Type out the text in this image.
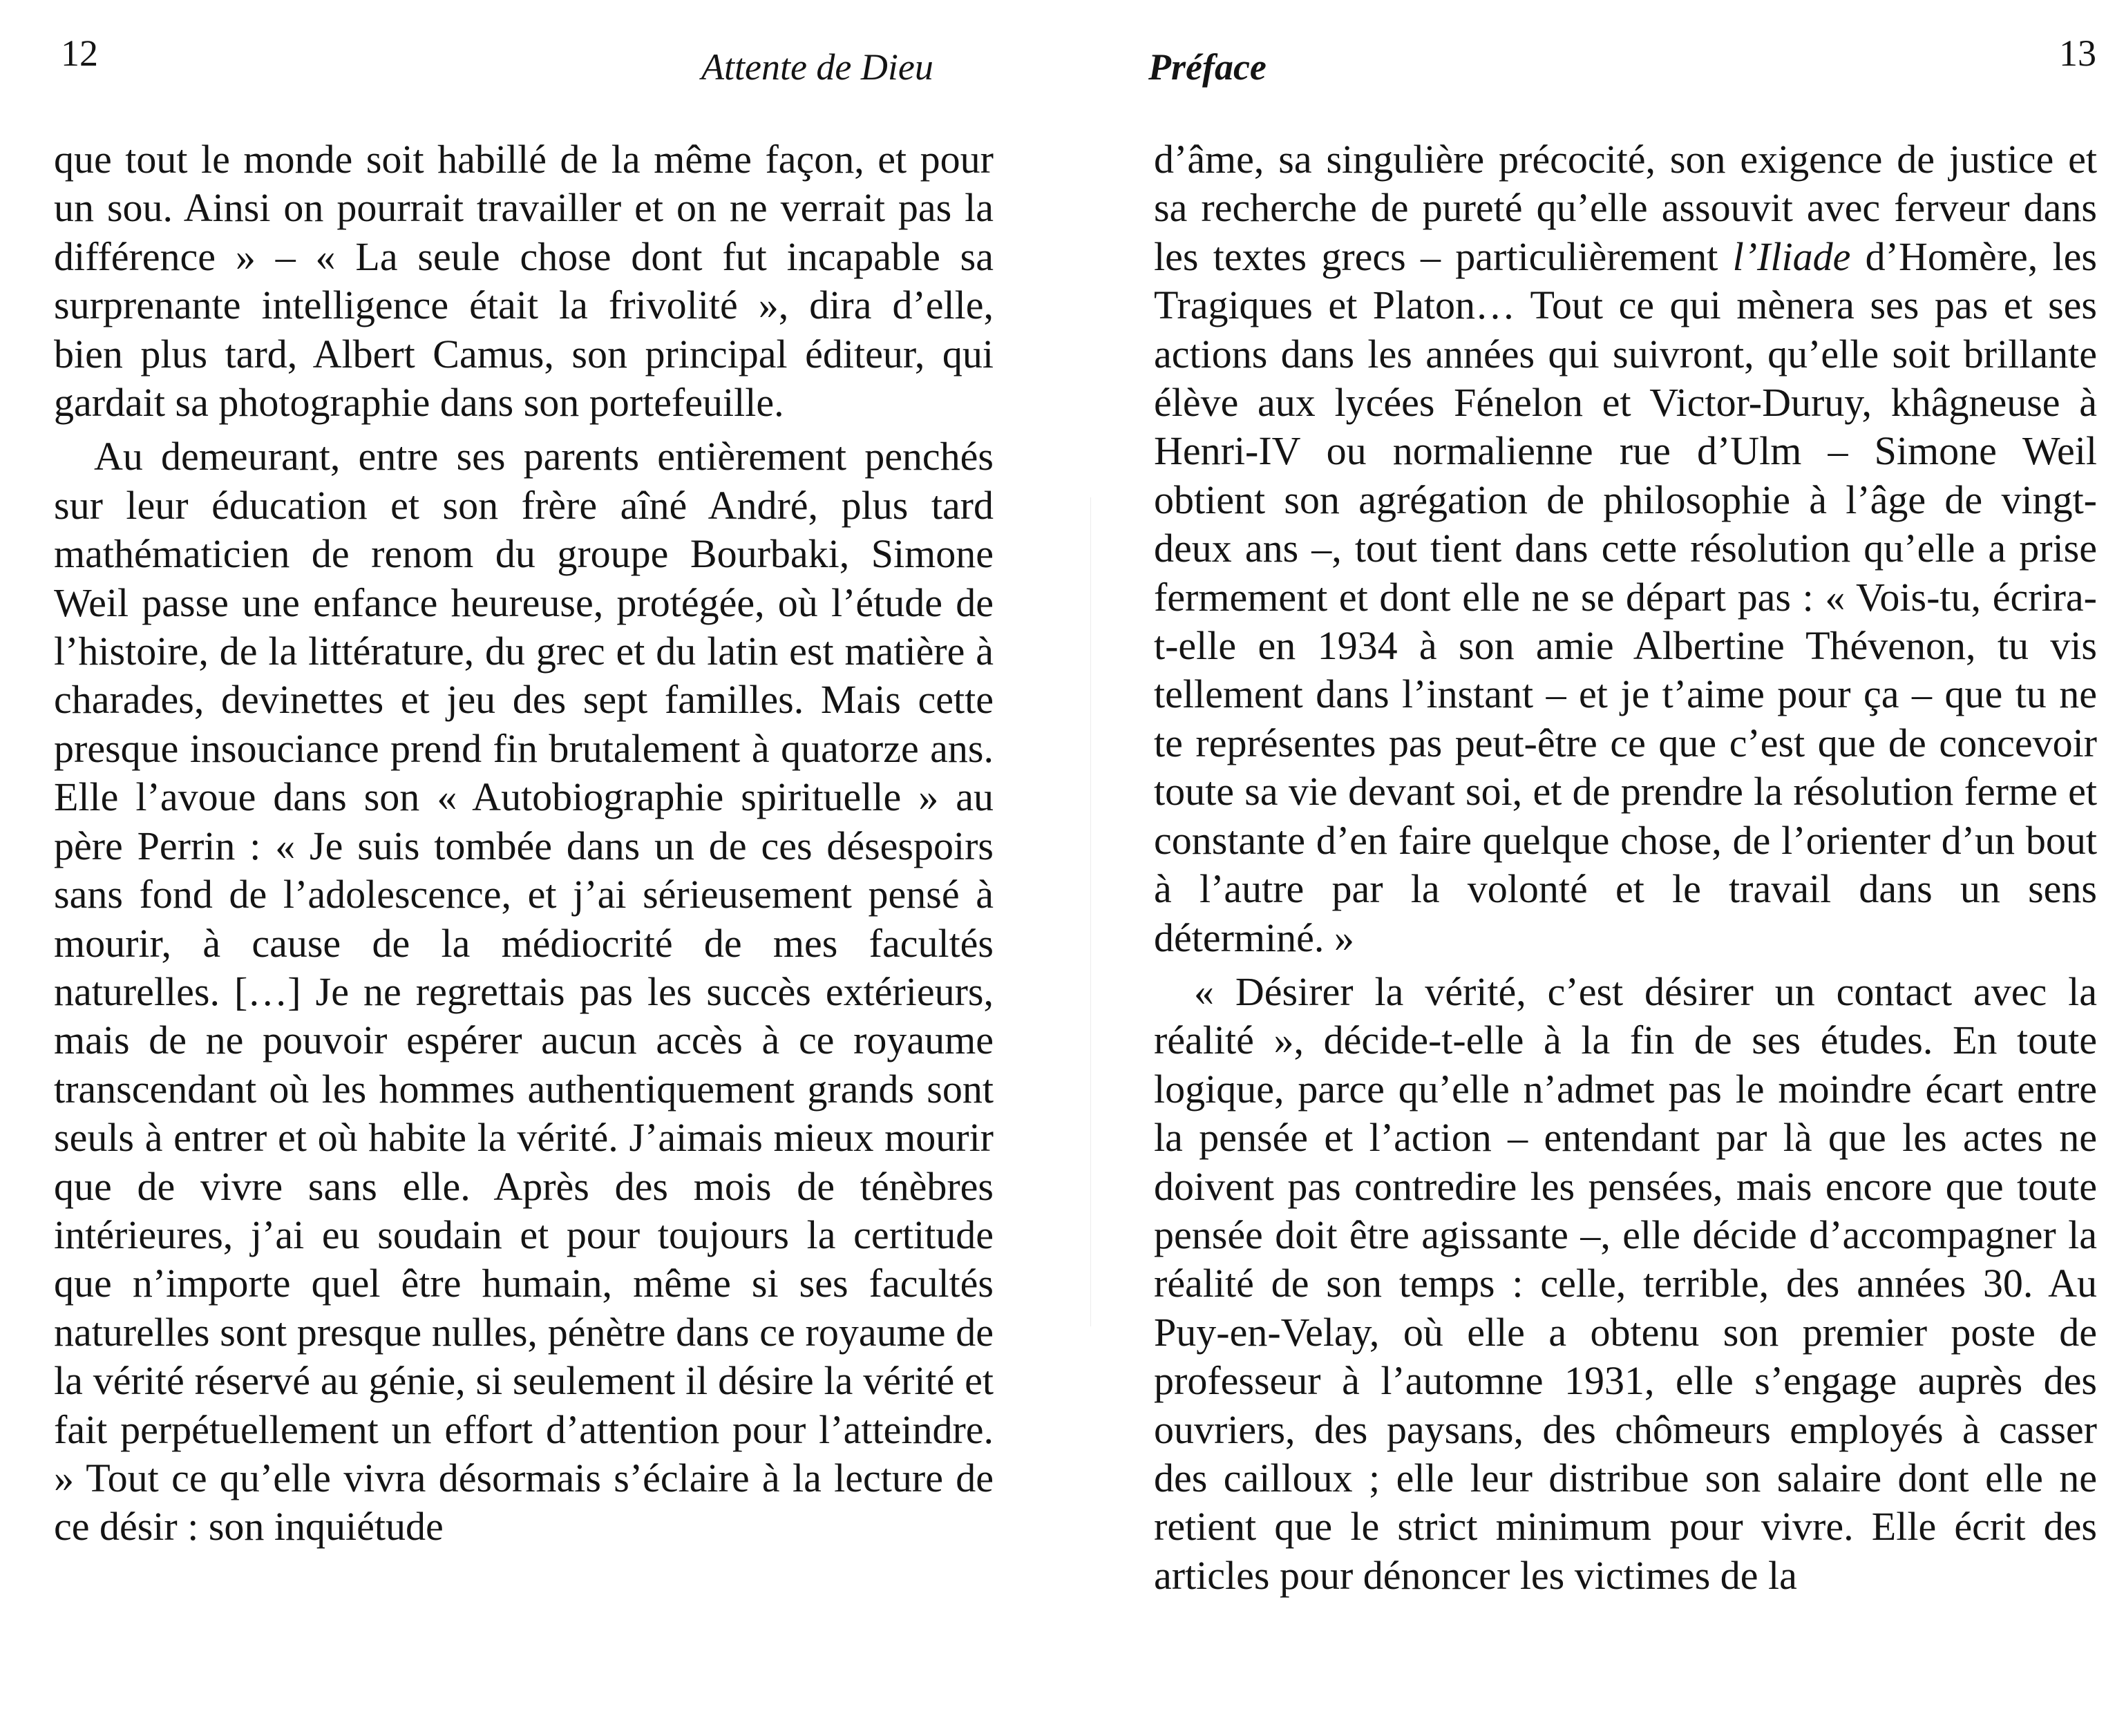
12	Attente de Dieu

que tout le monde soit habillé de la même façon, et pour un sou. Ainsi on pourrait travailler et on ne verrait pas la différence » – « La seule chose dont fut incapable sa surprenante intelligence était la frivolité », dira d’elle, bien plus tard, Albert Camus, son principal éditeur, qui gardait sa photographie dans son portefeuille.

Au demeurant, entre ses parents entièrement penchés sur leur éducation et son frère aîné André, plus tard mathématicien de renom du groupe Bourbaki, Simone Weil passe une enfance heureuse, protégée, où l’étude de l’histoire, de la littérature, du grec et du latin est matière à charades, devinettes et jeu des sept familles. Mais cette presque insouciance prend fin brutalement à quatorze ans. Elle l’avoue dans son « Autobiographie spirituelle » au père Perrin : « Je suis tombée dans un de ces désespoirs sans fond de l’adolescence, et j’ai sérieusement pensé à mourir, à cause de la médiocrité de mes facultés naturelles. […] Je ne regrettais pas les succès extérieurs, mais de ne pouvoir espérer aucun accès à ce royaume transcendant où les hommes authentiquement grands sont seuls à entrer et où habite la vérité. J’aimais mieux mourir que de vivre sans elle. Après des mois de ténèbres intérieures, j’ai eu soudain et pour toujours la certitude que n’importe quel être humain, même si ses facultés naturelles sont presque nulles, pénètre dans ce royaume de la vérité réservé au génie, si seulement il désire la vérité et fait perpétuellement un effort d’attention pour l’atteindre. » Tout ce qu’elle vivra désormais s’éclaire à la lecture de ce désir : son inquiétude

13
Préface

d’âme, sa singulière précocité, son exigence de justice et sa recherche de pureté qu’elle assouvit avec ferveur dans les textes grecs – particulièrement l’Iliade d’Homère, les Tragiques et Platon… Tout ce qui mènera ses pas et ses actions dans les années qui suivront, qu’elle soit brillante élève aux lycées Fénelon et Victor-Duruy, khâgneuse à Henri-IV ou normalienne rue d’Ulm – Simone Weil obtient son agrégation de philosophie à l’âge de vingt-deux ans –, tout tient dans cette résolution qu’elle a prise fermement et dont elle ne se départ pas : « Vois-tu, écrira-t-elle en 1934 à son amie Albertine Thévenon, tu vis tellement dans l’instant – et je t’aime pour ça – que tu ne te représentes pas peut-être ce que c’est que de concevoir toute sa vie devant soi, et de prendre la résolution ferme et constante d’en faire quelque chose, de l’orienter d’un bout à l’autre par la volonté et le travail dans un sens déterminé. »

« Désirer la vérité, c’est désirer un contact avec la réalité », décide-t-elle à la fin de ses études. En toute logique, parce qu’elle n’admet pas le moindre écart entre la pensée et l’action – entendant par là que les actes ne doivent pas contredire les pensées, mais encore que toute pensée doit être agissante –, elle décide d’accompagner la réalité de son temps : celle, terrible, des années 30. Au Puy-en-Velay, où elle a obtenu son premier poste de professeur à l’automne 1931, elle s’engage auprès des ouvriers, des paysans, des chômeurs employés à casser des cailloux ; elle leur distribue son salaire dont elle ne retient que le strict minimum pour vivre. Elle écrit des articles pour dénoncer les victimes de la
